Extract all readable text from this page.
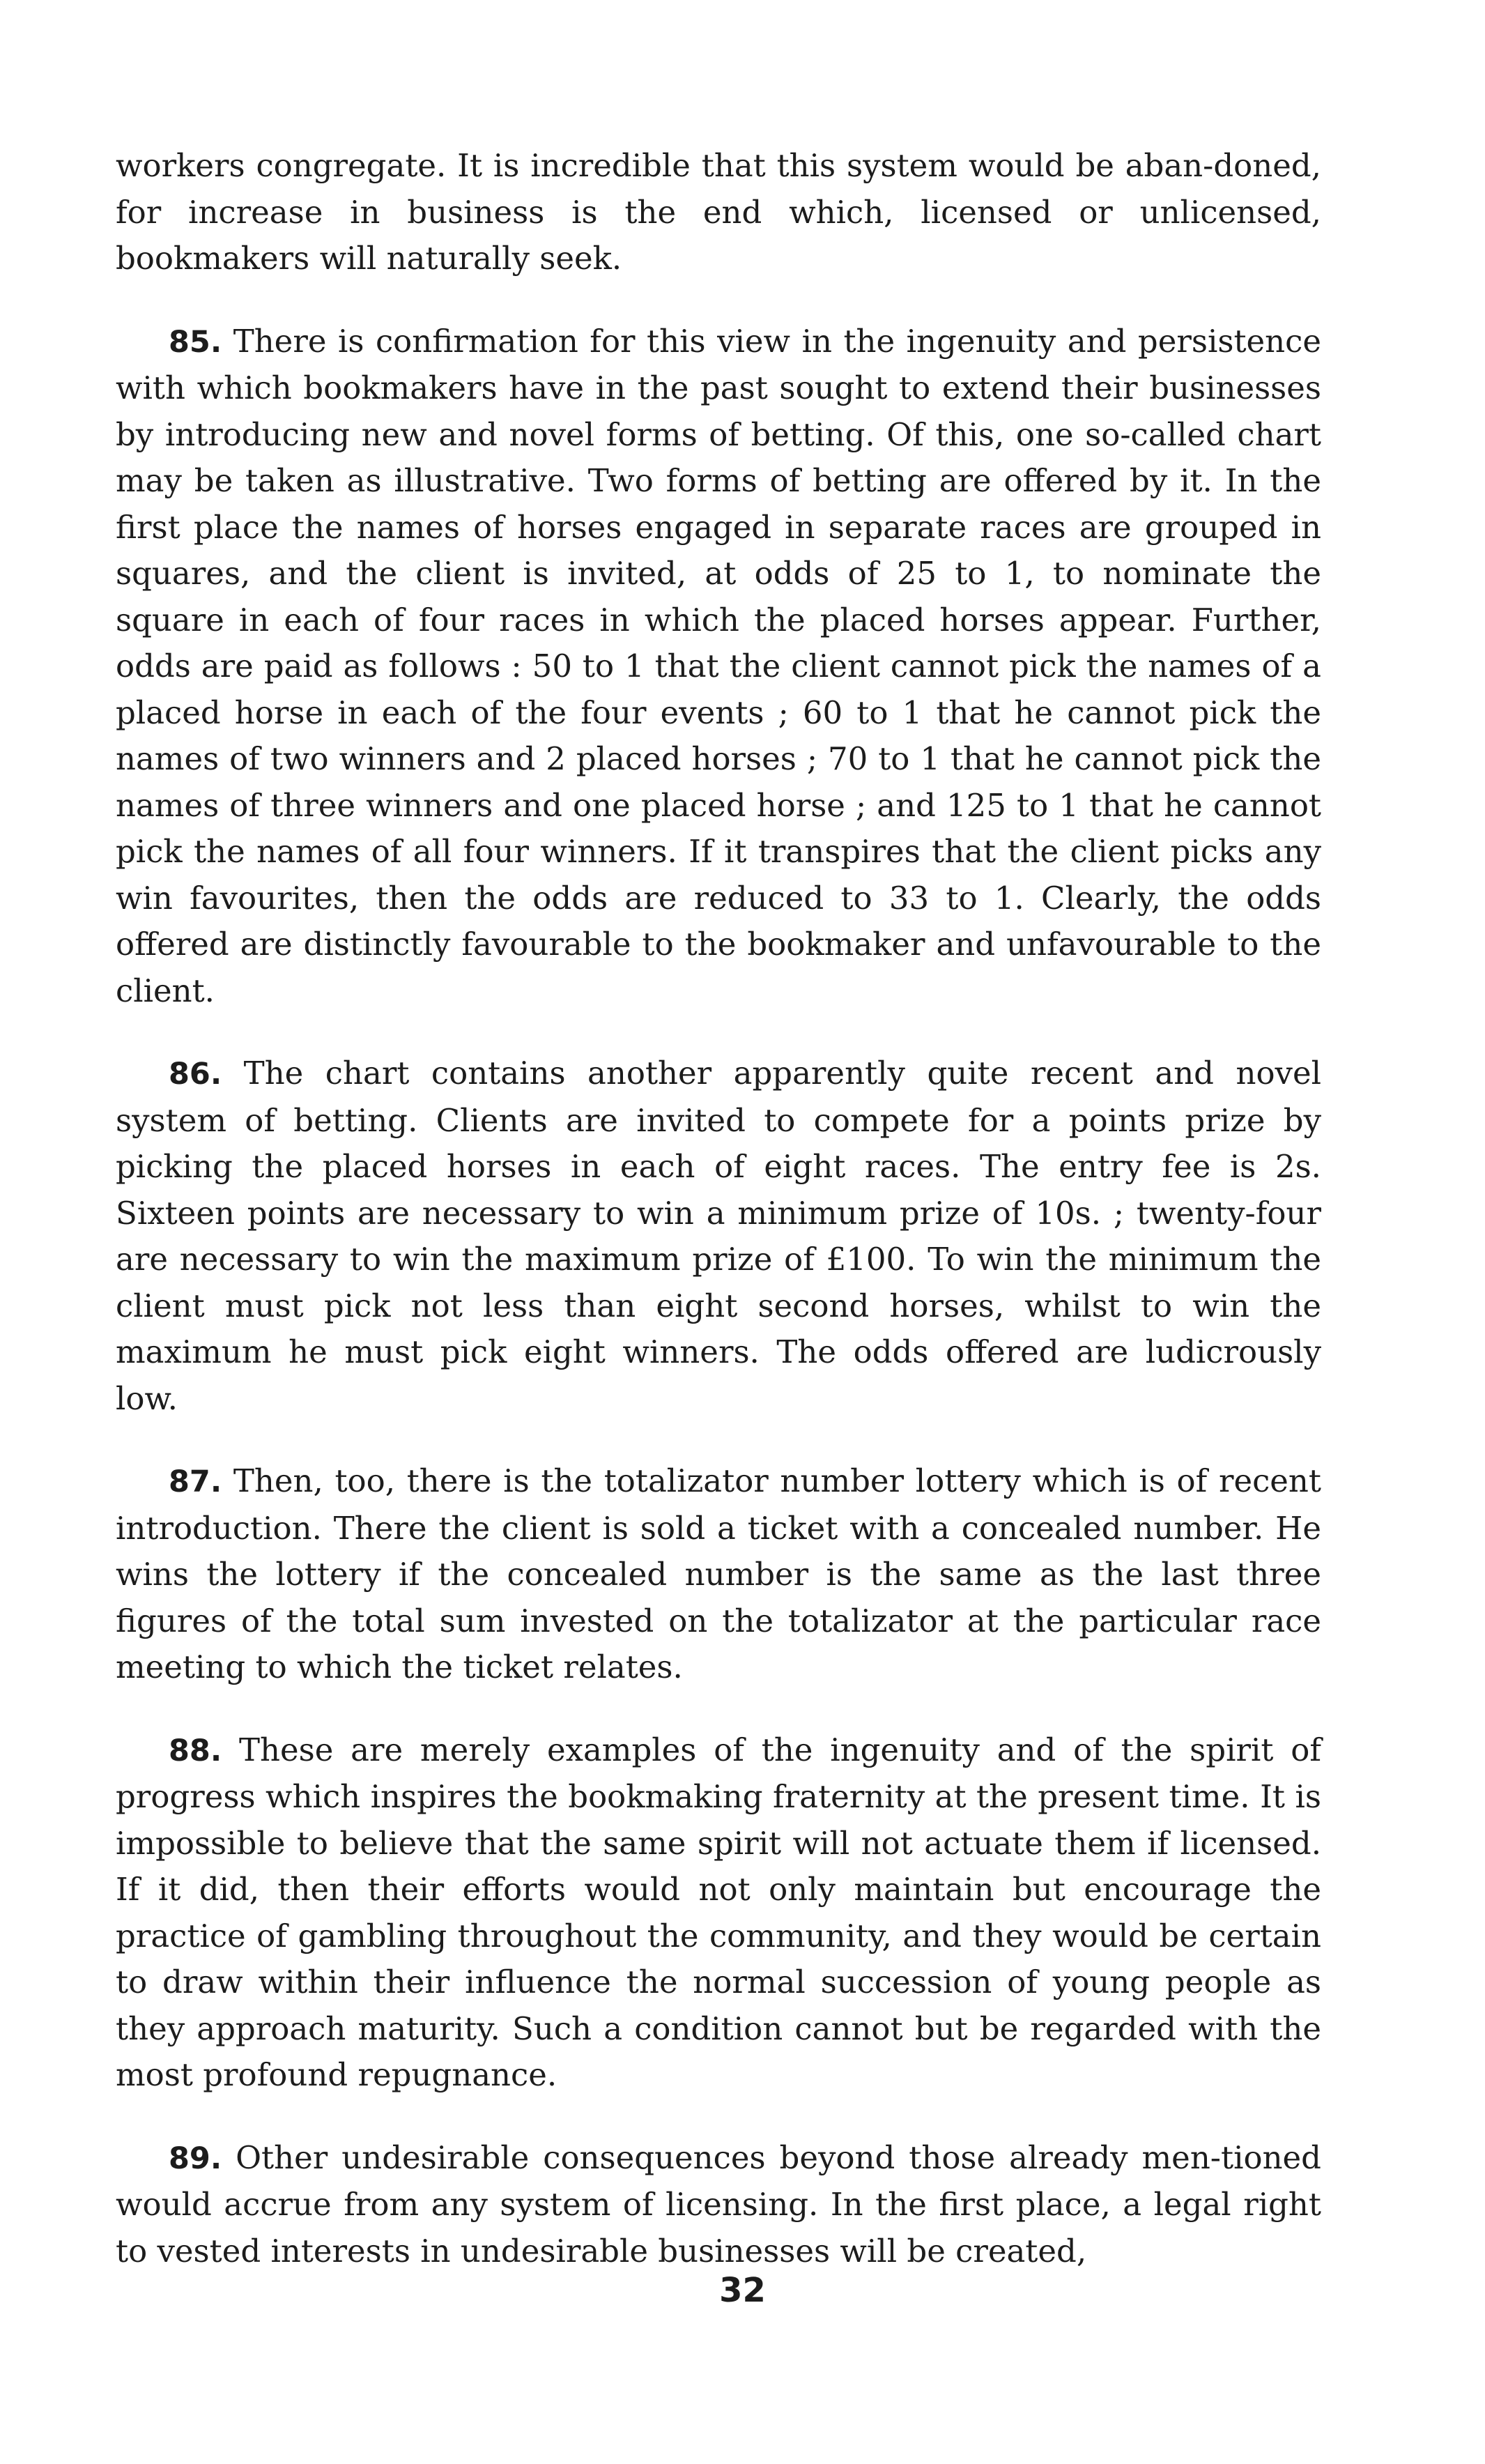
workers congregate. It is incredible that this system would be aban-doned, for increase in business is the end which, licensed or unlicensed, bookmakers will naturally seek.

85. There is confirmation for this view in the ingenuity and persistence with which bookmakers have in the past sought to extend their businesses by introducing new and novel forms of betting. Of this, one so-called chart may be taken as illustrative. Two forms of betting are offered by it. In the first place the names of horses engaged in separate races are grouped in squares, and the client is invited, at odds of 25 to 1, to nominate the square in each of four races in which the placed horses appear. Further, odds are paid as follows : 50 to 1 that the client cannot pick the names of a placed horse in each of the four events ; 60 to 1 that he cannot pick the names of two winners and 2 placed horses ; 70 to 1 that he cannot pick the names of three winners and one placed horse ; and 125 to 1 that he cannot pick the names of all four winners. If it transpires that the client picks any win favourites, then the odds are reduced to 33 to 1. Clearly, the odds offered are distinctly favourable to the bookmaker and unfavourable to the client.

86. The chart contains another apparently quite recent and novel system of betting. Clients are invited to compete for a points prize by picking the placed horses in each of eight races. The entry fee is 2s. Sixteen points are necessary to win a minimum prize of 10s. ; twenty-four are necessary to win the maximum prize of £100. To win the minimum the client must pick not less than eight second horses, whilst to win the maximum he must pick eight winners. The odds offered are ludicrously low.

87. Then, too, there is the totalizator number lottery which is of recent introduction. There the client is sold a ticket with a concealed number. He wins the lottery if the concealed number is the same as the last three figures of the total sum invested on the totalizator at the particular race meeting to which the ticket relates.

88. These are merely examples of the ingenuity and of the spirit of progress which inspires the bookmaking fraternity at the present time. It is impossible to believe that the same spirit will not actuate them if licensed. If it did, then their efforts would not only maintain but encourage the practice of gambling throughout the community, and they would be certain to draw within their influence the normal succession of young people as they approach maturity. Such a condition cannot but be regarded with the most profound repugnance.

89. Other undesirable consequences beyond those already men-tioned would accrue from any system of licensing. In the first place, a legal right to vested interests in undesirable businesses will be created,

32
